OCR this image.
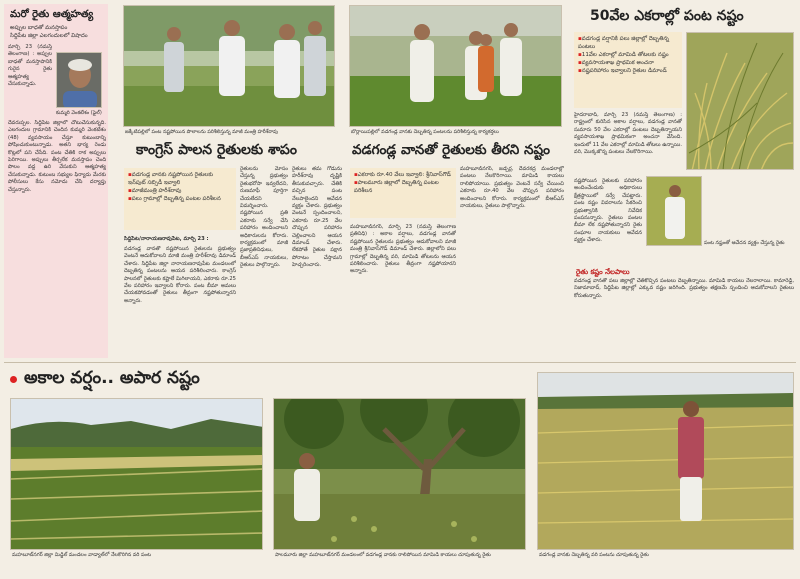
మరో రైతు ఆత్మహత్య
అప్పుల బాధతో మనస్తాపం
సిద్దిపేట జిల్లా ఎలగందులలో విషాదం
మార్చి 23 (నమస్తే తెలంగాణ) : అప్పుల బాధతో మనస్తాపానికి గురైన రైతు ఆత్మహత్య చేసుకున్నాడు.
కుమ్మరి వెంకటేశం (ఫైల్)
దేవరుప్పల. సిద్దిపేట జిల్లాలో చోటుచేసుకున్నది. ఎలగందుల గ్రామానికి చెందిన కుమ్మరి వెంకటేశం (48) వ్యవసాయం చేస్తూ కుటుంబాన్ని పోషించుకుంటున్నాడు. అతని భార్య రెండు కొట్లలో పని చేసేది. పంట చేతికి రాక అప్పులు పెరిగాయి. అప్పులు తీర్చలేక మనస్తాపం చెంది పొలం వద్ద ఉరి వేసుకుని ఆత్మహత్య చేసుకున్నాడు. కుటుంబ సభ్యుల ఫిర్యాదు మేరకు పోలీసులు కేసు నమోదు చేసి దర్యాప్తు చేస్తున్నారు.
జక్కేటిపల్లిలో పంట నష్టపోయిన పొలాలను పరిశీలిస్తున్న మాజీ మంత్రి హరీశ్‌రావు	బొర్లాయిపల్లిలో వడగండ్ల వానకు దెబ్బతిన్న పంటలను పరిశీలిస్తున్న కార్యకర్తలు
కాంగ్రెస్ పాలన రైతులకు శాపం
▪ వడగండ్ల వానకు నష్టపోయిన రైతులకు ఇన్‌పుట్ సబ్సిడీ ఇవ్వాలి
▪ మాజీమంత్రి హరీశ్‌రావు
▪ పలు గ్రామాల్లో దెబ్బతిన్న పంటల పరిశీలన
సిద్దిపేట/నారాయణరావుపేట, మార్చి 23 :
వడగండ్ల వానతో నష్టపోయిన రైతులను ప్రభుత్వం వెంటనే ఆదుకోవాలని మాజీ మంత్రి హరీశ్‌రావు డిమాండ్ చేశారు. సిద్దిపేట జిల్లా నారాయణరావుపేట మండలంలో దెబ్బతిన్న పంటలను ఆయన పరిశీలించారు. కాంగ్రెస్ పాలనలో రైతులకు కష్టాలే మిగిలాయని, ఎకరాకు రూ.25 వేల పరిహారం ఇవ్వాలని కోరారు. పంట బీమా అమలు చేయకపోవడంతో రైతులు తీవ్రంగా నష్టపోతున్నారని అన్నారు.
రైతులను మోసం చేస్తున్న ప్రభుత్వం రైతుభరోసా ఇవ్వలేదని, రుణమాఫీ పూర్తిగా చేయలేదని విమర్శించారు. నష్టపోయిన ప్రతి ఎకరాకు సర్వే చేసి పరిహారం అందించాలని అధికారులను కోరారు. కార్యక్రమంలో మాజీ ప్రజాప్రతినిధులు, బీఆర్‌ఎస్ నాయకులు, రైతులు పాల్గొన్నారు.
రైతులు తమ గోడును హరీశ్‌రావు దృష్టికి తీసుకువచ్చారు. చేతికి వచ్చిన పంట నేలపాలైందని ఆవేదన వ్యక్తం చేశారు. ప్రభుత్వం వెంటనే స్పందించాలని, ఎకరాకు రూ.25 వేల చొప్పున పరిహారం చెల్లించాలని ఆయన డిమాండ్ చేశారు. లేకపోతే రైతుల పక్షాన పోరాటం చేస్తామని హెచ్చరించారు.
వడగండ్ల వానతో రైతులకు తీరని నష్టం
▪ ఎకరాకు రూ.40 వేలు ఇవ్వాలి: శ్రీనివాస్‌గౌడ్
▪ పాలమూరు జిల్లాలో దెబ్బతిన్న పంటల పరిశీలన
మహబూబ్‌నగర్, మార్చి 23 (నమస్తే తెలంగాణ ప్రతినిధి) : అకాల వర్షాలు, వడగండ్ల వానతో నష్టపోయిన రైతులను ప్రభుత్వం ఆదుకోవాలని మాజీ మంత్రి శ్రీనివాస్‌గౌడ్ డిమాండ్ చేశారు. జిల్లాలోని పలు గ్రామాల్లో దెబ్బతిన్న వరి, మామిడి తోటలను ఆయన పరిశీలించారు. రైతులు తీవ్రంగా నష్టపోయారని అన్నారు.
మహబూబ్‌నగర్, జడ్చర్ల, దేవరకద్ర మండలాల్లో పంటలు నేలకొరిగాయి. మామిడి కాయలు రాలిపోయాయి. ప్రభుత్వం వెంటనే సర్వే చేయించి ఎకరాకు రూ.40 వేల చొప్పున పరిహారం అందించాలని కోరారు. కార్యక్రమంలో బీఆర్‌ఎస్ నాయకులు, రైతులు పాల్గొన్నారు.
50వేల ఎకరాల్లో పంట నష్టం
▪ వడగండ్ల వర్షానికి పలు జిల్లాల్లో దెబ్బతిన్న పంటలు
▪ 11వేల ఎకరాల్లో మామిడి తోటలకు నష్టం
▪ వ్యవసాయశాఖ ప్రాథమిక అంచనా
▪ నష్టపరిహారం ఇవ్వాలని రైతుల డిమాండ్
హైదరాబాద్, మార్చి 23 (నమస్తే తెలంగాణ) : రాష్ట్రంలో కురిసిన అకాల వర్షాలు, వడగండ్ల వానతో సుమారు 50 వేల ఎకరాల్లో పంటలు దెబ్బతిన్నాయని వ్యవసాయశాఖ ప్రాథమికంగా అంచనా వేసింది. ఇందులో 11 వేల ఎకరాల్లో మామిడి తోటలు ఉన్నాయి. వరి, మొక్కజొన్న పంటలు నేలకొరిగాయి.
నష్టపోయిన రైతులకు పరిహారం అందించేందుకు అధికారులు క్షేత్రస్థాయిలో సర్వే చేపట్టారు. పంట నష్టం వివరాలను సేకరించి ప్రభుత్వానికి నివేదిక పంపనున్నారు. రైతులు పంటల బీమా లేక నష్టపోతున్నారని రైతు సంఘాల నాయకులు ఆవేదన వ్యక్తం చేశారు.	పంట నష్టంతో ఆవేదన వ్యక్తం చేస్తున్న రైతు
రైతు కష్టం నేలపాలు
వడగండ్ల వానతో పలు జిల్లాల్లో చేతికొచ్చిన పంటలు దెబ్బతిన్నాయి. మామిడి కాయలు నేలరాలాయి. కామారెడ్డి, నిజామాబాద్, సిద్దిపేట జిల్లాల్లో ఎక్కువ నష్టం జరిగింది. ప్రభుత్వం తక్షణమే స్పందించి ఆదుకోవాలని రైతులు కోరుతున్నారు.
అకాల వర్షం.. అపార నష్టం
మహబూబ్‌నగర్ జిల్లా మిడ్జిల్ మండలం వాడ్యాల్‌లో నేలకొరిగిన వరి పంట	పాలమూరు జిల్లా మహబూబ్‌నగర్ మండలంలో వడగండ్ల వానకు రాలిపోయిన మామిడి కాయలు చూపుతున్న రైతు	వడగండ్ల వానకు దెబ్బతిన్న వరి పంటను చూపుతున్న రైతు
